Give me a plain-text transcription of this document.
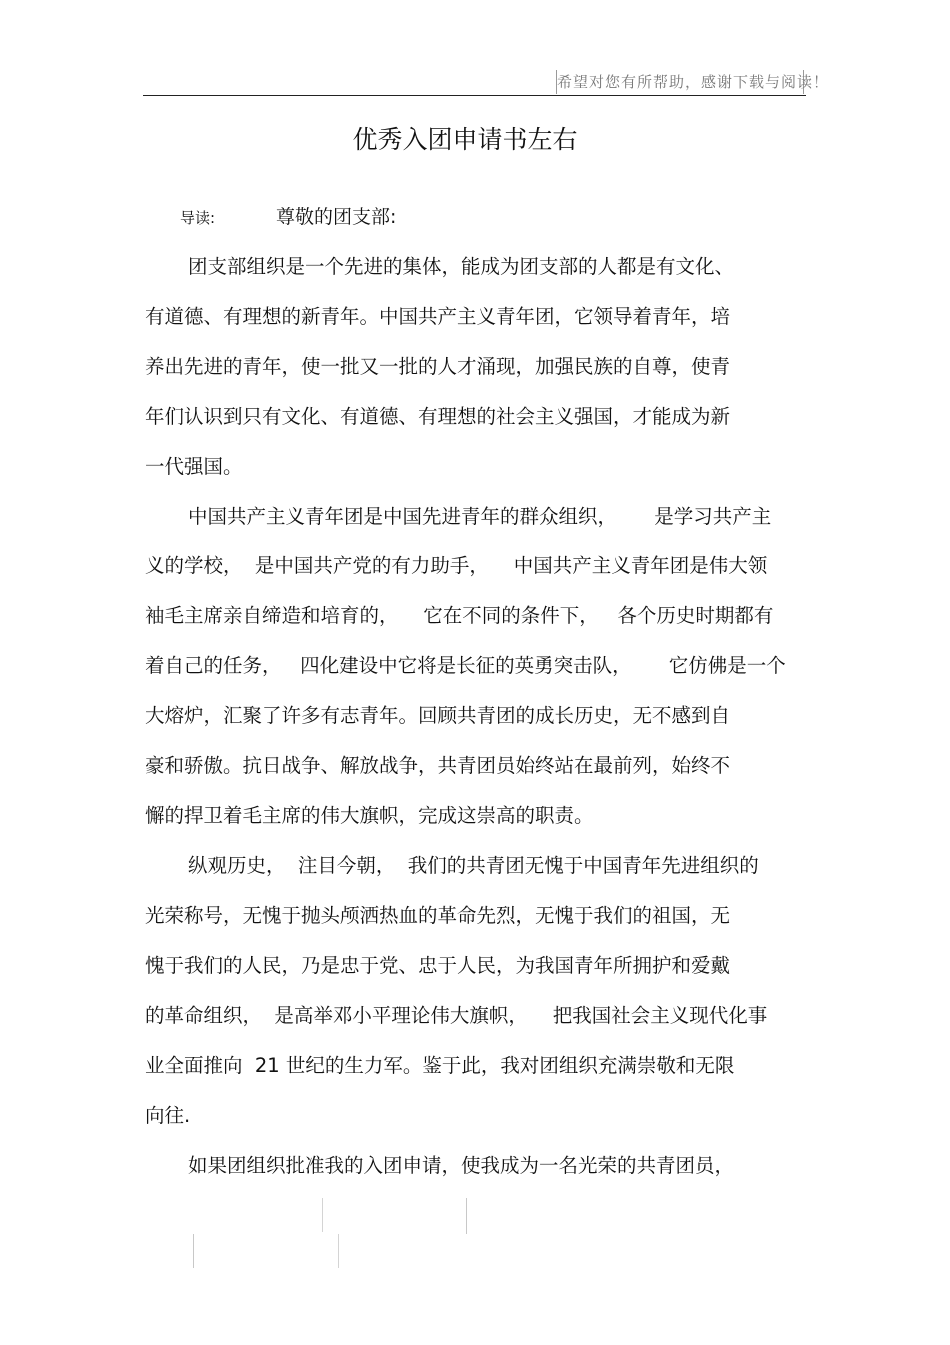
希望对您有所帮助，感谢下载与阅读！
优秀入团申请书左右
导读:	尊敬的团支部:
团支部组织是一个先进的集体，能成为团支部的人都是有文化、
有道德、有理想的新青年。中国共产主义青年团，它领导着青年，培
养出先进的青年，使一批又一批的人才涌现，加强民族的自尊，使青
年们认识到只有文化、有道德、有理想的社会主义强国，才能成为新
一代强国。
中国共产主义青年团是中国先进青年的群众组织，      是学习共产主
义的学校，  是中国共产党的有力助手，    中国共产主义青年团是伟大领
袖毛主席亲自缔造和培育的，    它在不同的条件下，   各个历史时期都有
着自己的任务，   四化建设中它将是长征的英勇突击队，      它仿佛是一个
大熔炉，汇聚了许多有志青年。回顾共青团的成长历史，无不感到自
豪和骄傲。抗日战争、解放战争，共青团员始终站在最前列，始终不
懈的捍卫着毛主席的伟大旗帜，完成这崇高的职责。
纵观历史，  注目今朝，  我们的共青团无愧于中国青年先进组织的
光荣称号，无愧于抛头颅洒热血的革命先烈，无愧于我们的祖国，无
愧于我们的人民，乃是忠于党、忠于人民，为我国青年所拥护和爱戴
的革命组织，  是高举邓小平理论伟大旗帜，    把我国社会主义现代化事
业全面推向  21 世纪的生力军。鉴于此，我对团组织充满崇敬和无限
向往.
如果团组织批准我的入团申请，使我成为一名光荣的共青团员，
